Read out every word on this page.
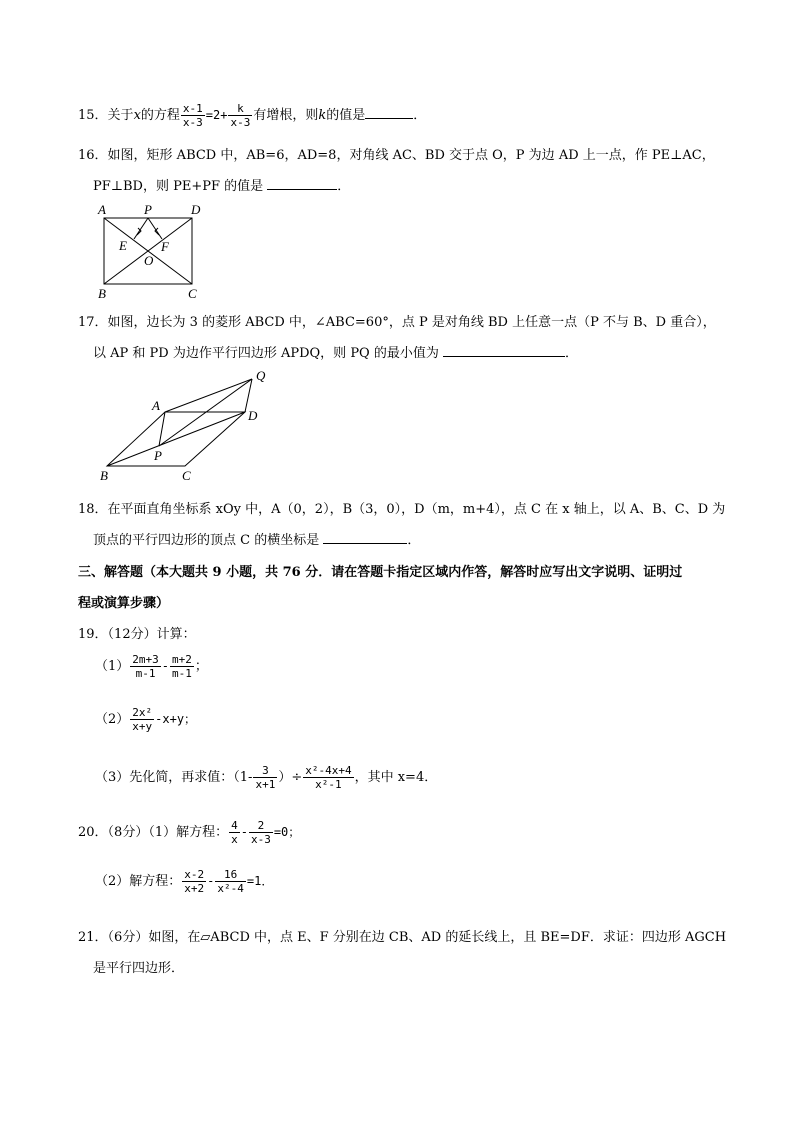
15．关于x的方程 $\frac{x-1}{x-3} =2+ \frac{k}{x-3}$ 有增根，则k的值是	．
16．如图，矩形 ABCD 中，AB=6，AD=8，对角线 AC、BD 交于点 O，P 为边 AD 上一点，作 PE⊥AC，
PF⊥BD，则 PE+PF 的值是	．
A	P	D
E	F
O
B	C
17．如图，边长为 3 的菱形 ABCD 中，∠ABC=60°，点 P 是对角线 BD 上任意一点（P 不与 B、D 重合），
以 AP 和 PD 为边作平行四边形 APDQ，则 PQ 的最小值为	．
Q
A
D
P
B	C
18．在平面直角坐标系 xOy 中，A（0，2），B（3，0），D（m，m+4），点 C 在 x 轴上，以 A、B、C、D 为
顶点的平行四边形的顶点 C 的横坐标是	．
三、解答题（本大题共 9 小题，共 76 分．请在答题卡指定区域内作答，解答时应写出文字说明、证明过
程或演算步骤）
19．（12分）计算：
$(1) \frac{2m+3}{m-1} - \frac{m+2}{m-1}$ ；
$(2) \frac{\text{2x²}}{x+y} -x+y$；
（3）先化简，再求值：（$1- \frac{3}{x+1}$ ）÷ $\frac{\text{x²-4x+4}}{\text{x²-1}}$ ，其中 x=4．
20．（8分）（1）解方程： $\frac{4}{x} - \frac{2}{x-3} =0$；
（2）解方程： $\frac{x-2}{x+2} - \frac{16}{\text{x²-4}} =1$．
21．（6分）如图，在▱ABCD 中，点 E、F 分别在边 CB、AD 的延长线上，且 BE=DF．求证：四边形 AGCH
是平行四边形．
